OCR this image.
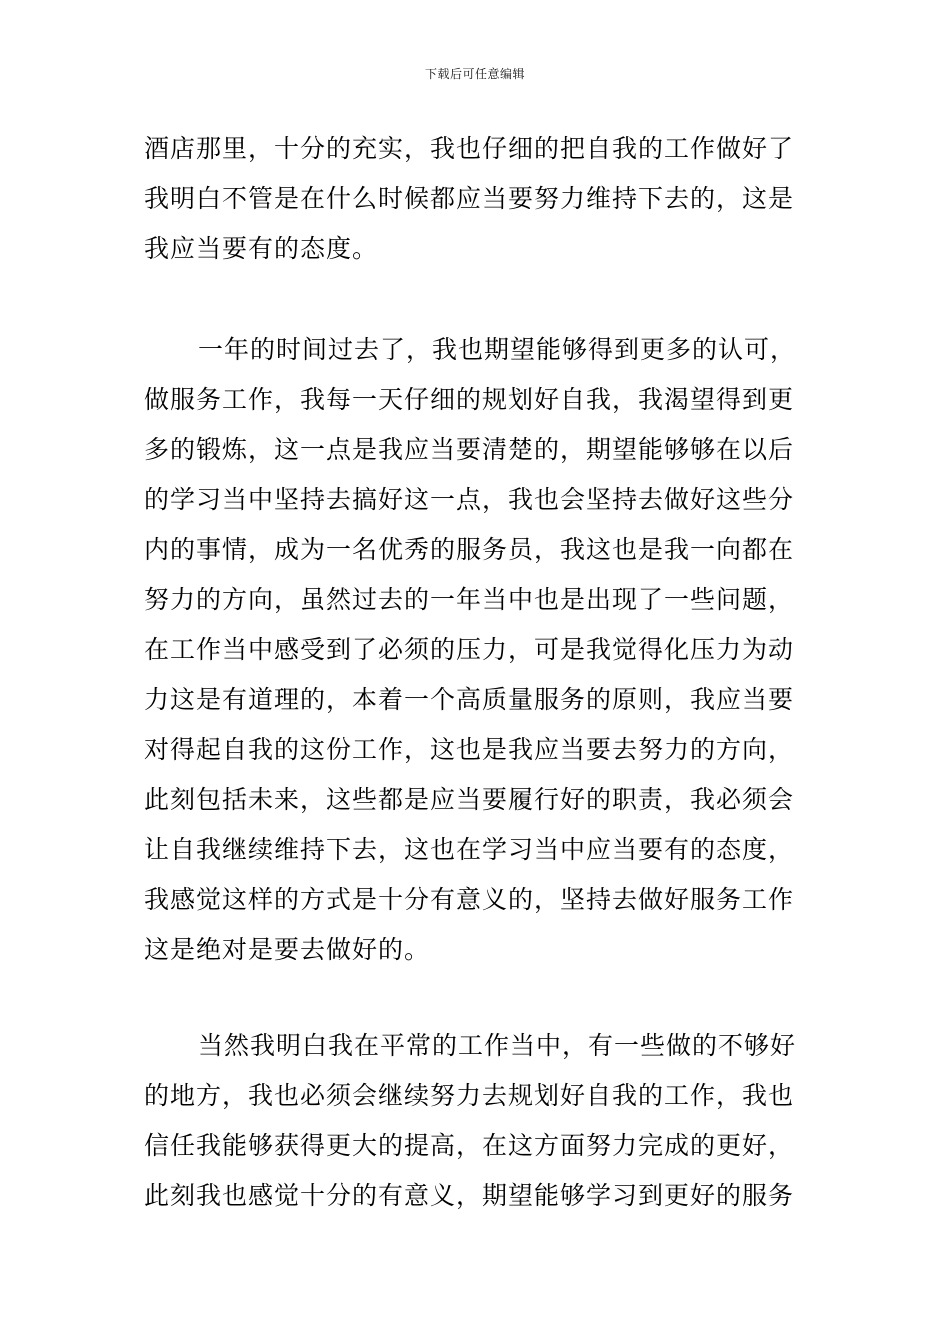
下载后可任意编辑
酒店那里，十分的充实，我也仔细的把自我的工作做好了
我明白不管是在什么时候都应当要努力维持下去的，这是
我应当要有的态度。
一年的时间过去了，我也期望能够得到更多的认可，
做服务工作，我每一天仔细的规划好自我，我渴望得到更
多的锻炼，这一点是我应当要清楚的，期望能够够在以后
的学习当中坚持去搞好这一点，我也会坚持去做好这些分
内的事情，成为一名优秀的服务员，我这也是我一向都在
努力的方向，虽然过去的一年当中也是出现了一些问题，
在工作当中感受到了必须的压力，可是我觉得化压力为动
力这是有道理的，本着一个高质量服务的原则，我应当要
对得起自我的这份工作，这也是我应当要去努力的方向，
此刻包括未来，这些都是应当要履行好的职责，我必须会
让自我继续维持下去，这也在学习当中应当要有的态度，
我感觉这样的方式是十分有意义的，坚持去做好服务工作
这是绝对是要去做好的。
当然我明白我在平常的工作当中，有一些做的不够好
的地方，我也必须会继续努力去规划好自我的工作，我也
信任我能够获得更大的提高，在这方面努力完成的更好，
此刻我也感觉十分的有意义，期望能够学习到更好的服务
